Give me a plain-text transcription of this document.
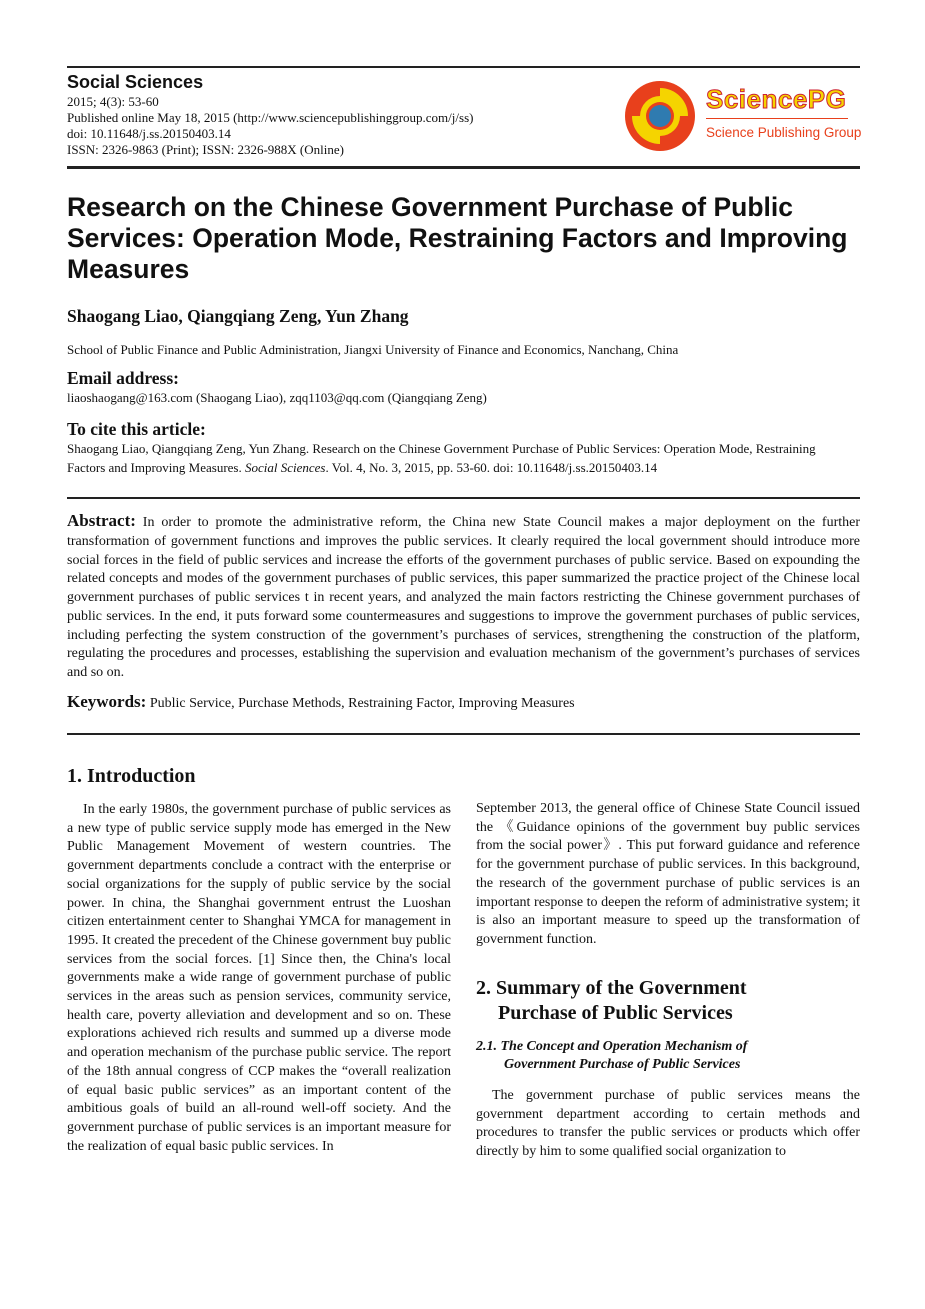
Social Sciences
2015; 4(3): 53-60
Published online May 18, 2015 (http://www.sciencepublishinggroup.com/j/ss)
doi: 10.11648/j.ss.20150403.14
ISSN: 2326-9863 (Print); ISSN: 2326-988X (Online)
SciencePG
Science Publishing Group
Research on the Chinese Government Purchase of Public Services: Operation Mode, Restraining Factors and Improving Measures
Shaogang Liao, Qiangqiang Zeng, Yun Zhang
School of Public Finance and Public Administration, Jiangxi University of Finance and Economics, Nanchang, China
Email address:
liaoshaogang@163.com (Shaogang Liao), zqq1103@qq.com (Qiangqiang Zeng)
To cite this article:
Shaogang Liao, Qiangqiang Zeng, Yun Zhang. Research on the Chinese Government Purchase of Public Services: Operation Mode, Restraining Factors and Improving Measures. Social Sciences. Vol. 4, No. 3, 2015, pp. 53-60. doi: 10.11648/j.ss.20150403.14
Abstract: In order to promote the administrative reform, the China new State Council makes a major deployment on the further transformation of government functions and improves the public services. It clearly required the local government should introduce more social forces in the field of public services and increase the efforts of the government purchases of public service. Based on expounding the related concepts and modes of the government purchases of public services, this paper summarized the practice project of the Chinese local government purchases of public services t in recent years, and analyzed the main factors restricting the Chinese government purchases of public services. In the end, it puts forward some countermeasures and suggestions to improve the government purchases of public services, including perfecting the system construction of the government’s purchases of services, strengthening the construction of the platform, regulating the procedures and processes, establishing the supervision and evaluation mechanism of the government’s purchases of services and so on.
Keywords: Public Service, Purchase Methods, Restraining Factor, Improving Measures
1. Introduction

In the early 1980s, the government purchase of public services as a new type of public service supply mode has emerged in the New Public Management Movement of western countries. The government departments conclude a contract with the enterprise or social organizations for the supply of public service by the social power. In china, the Shanghai government entrust the Luoshan citizen entertainment center to Shanghai YMCA for management in 1995. It created the precedent of the Chinese government buy public services from the social forces. [1] Since then, the China's local governments make a wide range of government purchase of public services in the areas such as pension services, community service, health care, poverty alleviation and development and so on. These explorations achieved rich results and summed up a diverse mode and operation mechanism of the purchase public service. The report of the 18th annual congress of CCP makes the “overall realization of equal basic public services” as an important content of the ambitious goals of build an all-round well-off society. And the government purchase of public services is an important measure for the realization of equal basic public services. In

September 2013, the general office of Chinese State Council issued the 《Guidance opinions of the government buy public services from the social power》. This put forward guidance and reference for the government purchase of public services. In this background, the research of the government purchase of public services is an important response to deepen the reform of administrative system; it is also an important measure to speed up the transformation of government function.

2. Summary of the Government
Purchase of Public Services
2.1. The Concept and Operation Mechanism of
Government Purchase of Public Services

The government purchase of public services means the government department according to certain methods and procedures to transfer the public services or products which offer directly by him to some qualified social organization to
